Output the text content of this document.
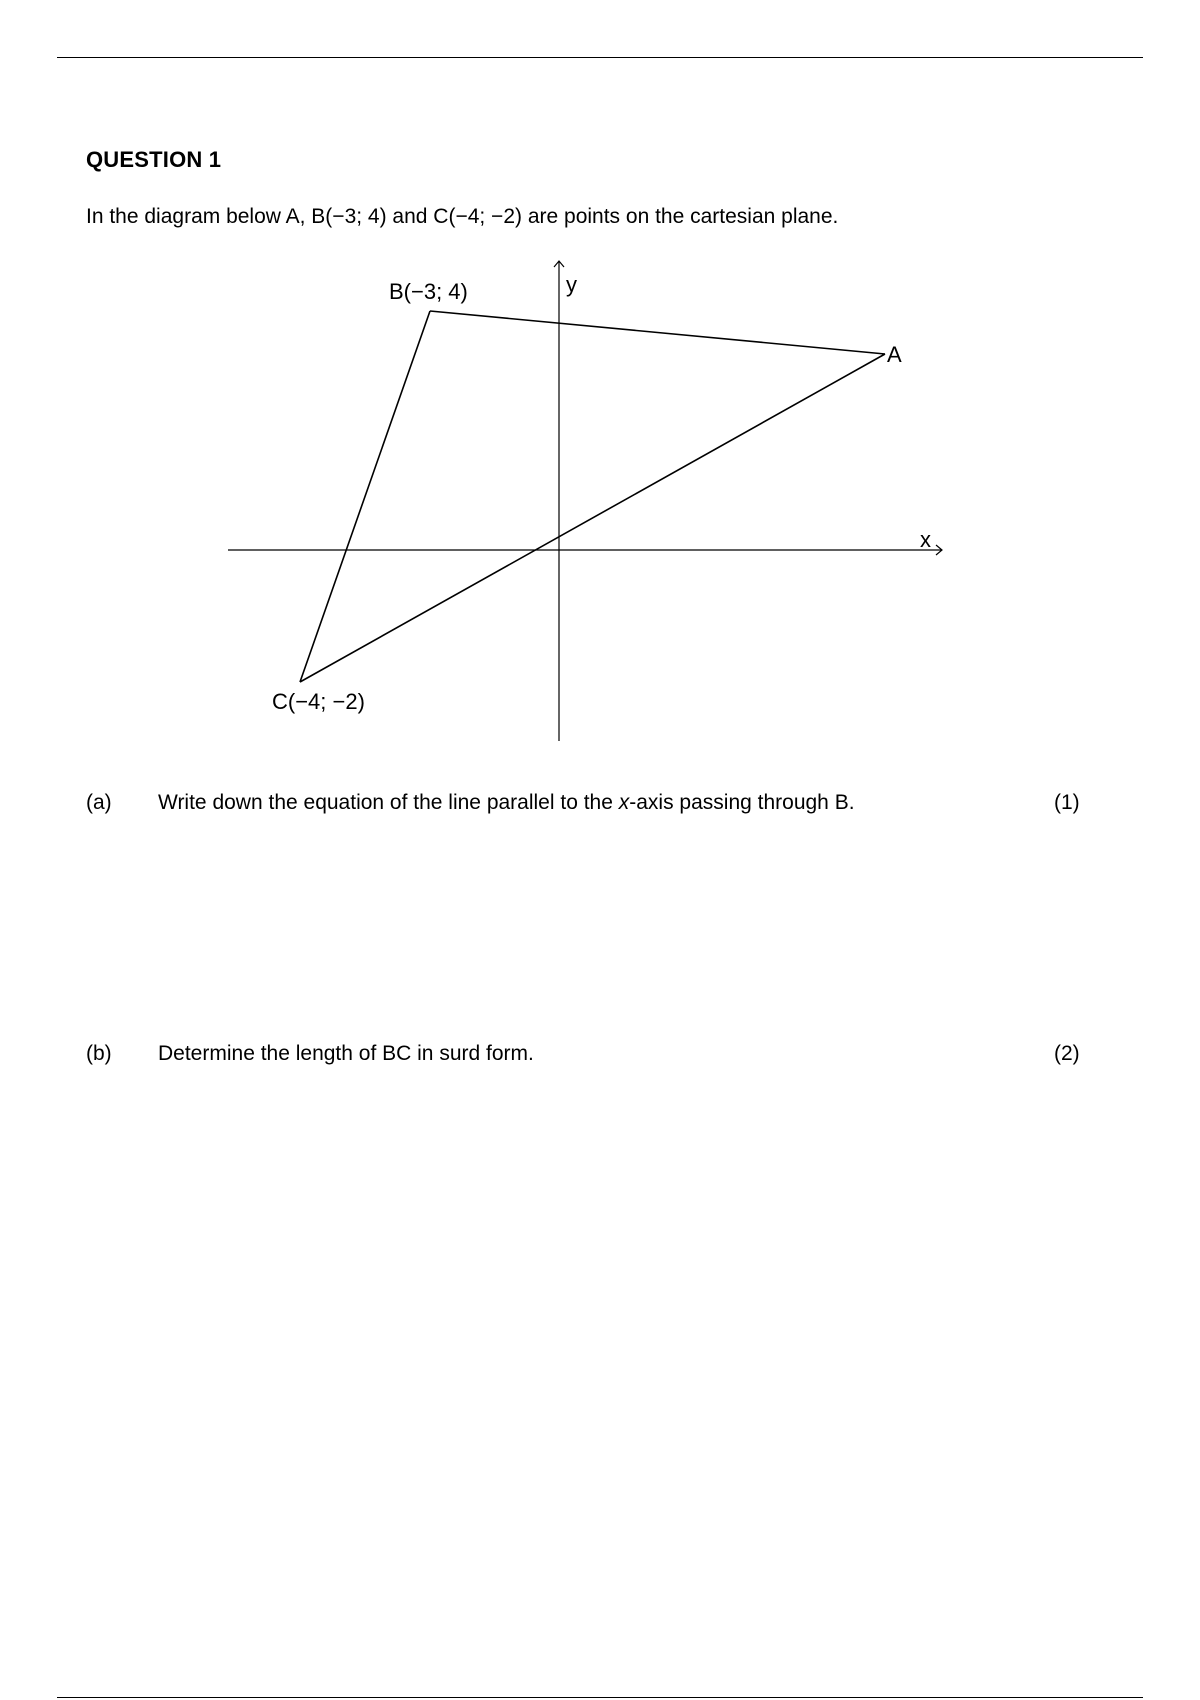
QUESTION 1
In the diagram below A, B(−3; 4) and C(−4; −2) are points on the cartesian plane.
B(−3; 4)
A
C(−4; −2)
y
x
(a) Write down the equation of the line parallel to the x-axis passing through B.	(1)
(b) Determine the length of BC in surd form.	(2)
